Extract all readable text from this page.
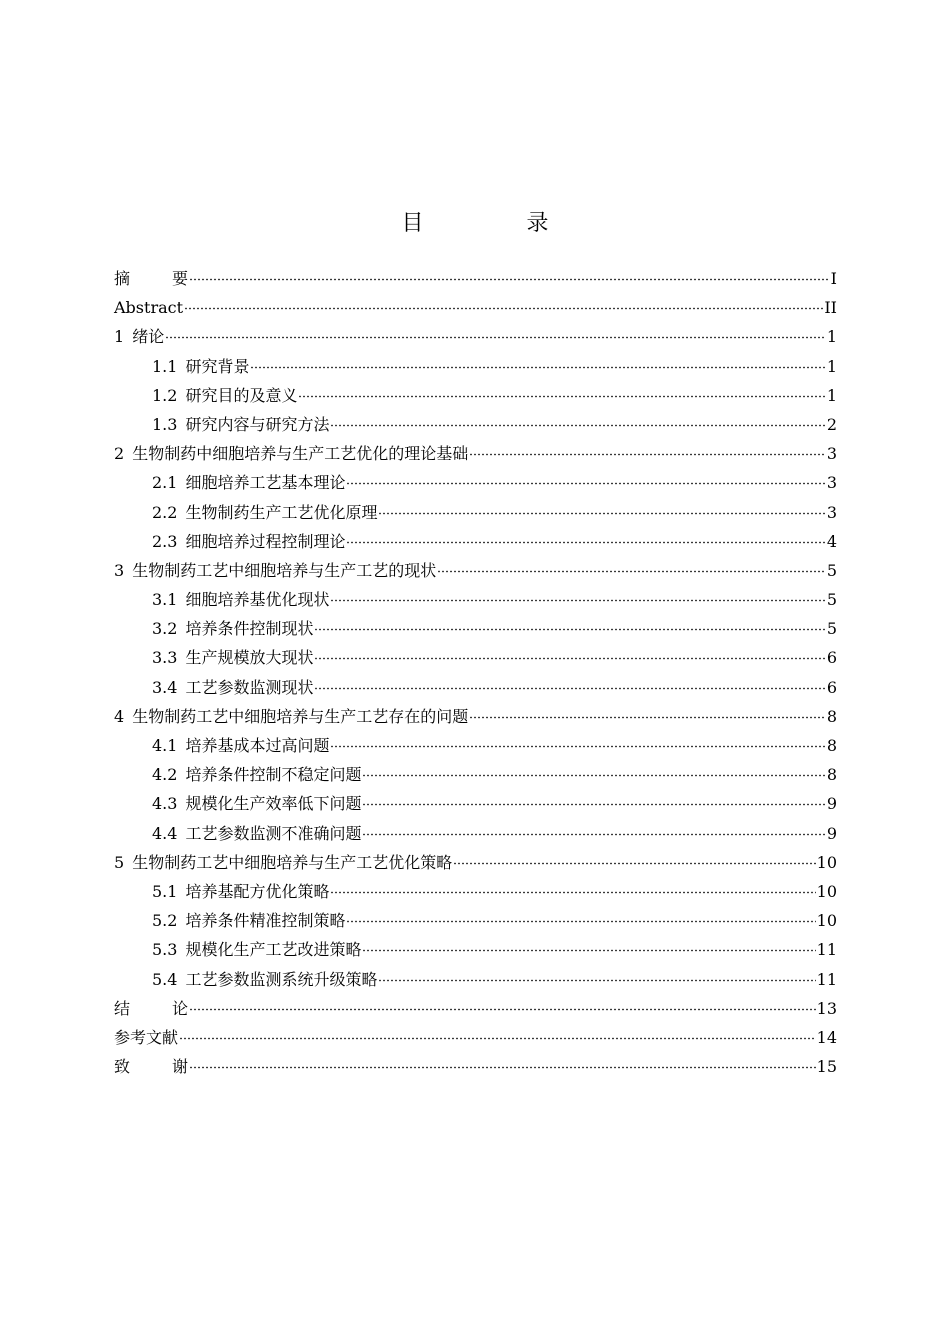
目 录
摘	要	I
Abstract	II
1 绪论	1
1.1 研究背景	1
1.2 研究目的及意义	1
1.3 研究内容与研究方法	2
2 生物制药中细胞培养与生产工艺优化的理论基础	3
2.1 细胞培养工艺基本理论	3
2.2 生物制药生产工艺优化原理	3
2.3 细胞培养过程控制理论	4
3 生物制药工艺中细胞培养与生产工艺的现状	5
3.1 细胞培养基优化现状	5
3.2 培养条件控制现状	5
3.3 生产规模放大现状	6
3.4 工艺参数监测现状	6
4 生物制药工艺中细胞培养与生产工艺存在的问题	8
4.1 培养基成本过高问题	8
4.2 培养条件控制不稳定问题	8
4.3 规模化生产效率低下问题	9
4.4 工艺参数监测不准确问题	9
5 生物制药工艺中细胞培养与生产工艺优化策略	10
5.1 培养基配方优化策略	10
5.2 培养条件精准控制策略	10
5.3 规模化生产工艺改进策略	11
5.4 工艺参数监测系统升级策略	11
结	论	13
参考文献	14
致	谢	15
